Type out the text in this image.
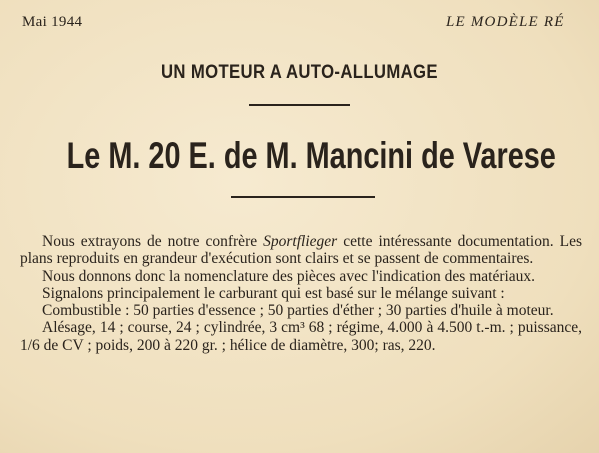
Mai 1944	LE MODÈLE RÉ
UN MOTEUR A AUTO-ALLUMAGE
Le M. 20 E. de M. Mancini de Varese

Nous extrayons de notre confrère Sportflieger cette intéressante documentation. Les plans reproduits en grandeur d'exécution sont clairs et se passent de commentaires.

Nous donnons donc la nomenclature des pièces avec l'indication des matériaux.

Signalons principalement le carburant qui est basé sur le mélange suivant :

Combustible : 50 parties d'essence ; 50 parties d'éther ; 30 parties d'huile à moteur.

Alésage, 14 ; course, 24 ; cylindrée, 3 cm³ 68 ; régime, 4.000 à 4.500 t.-m. ; puissance, 1/6 de CV ; poids, 200 à 220 gr. ; hélice de diamètre, 300; ras, 220.
